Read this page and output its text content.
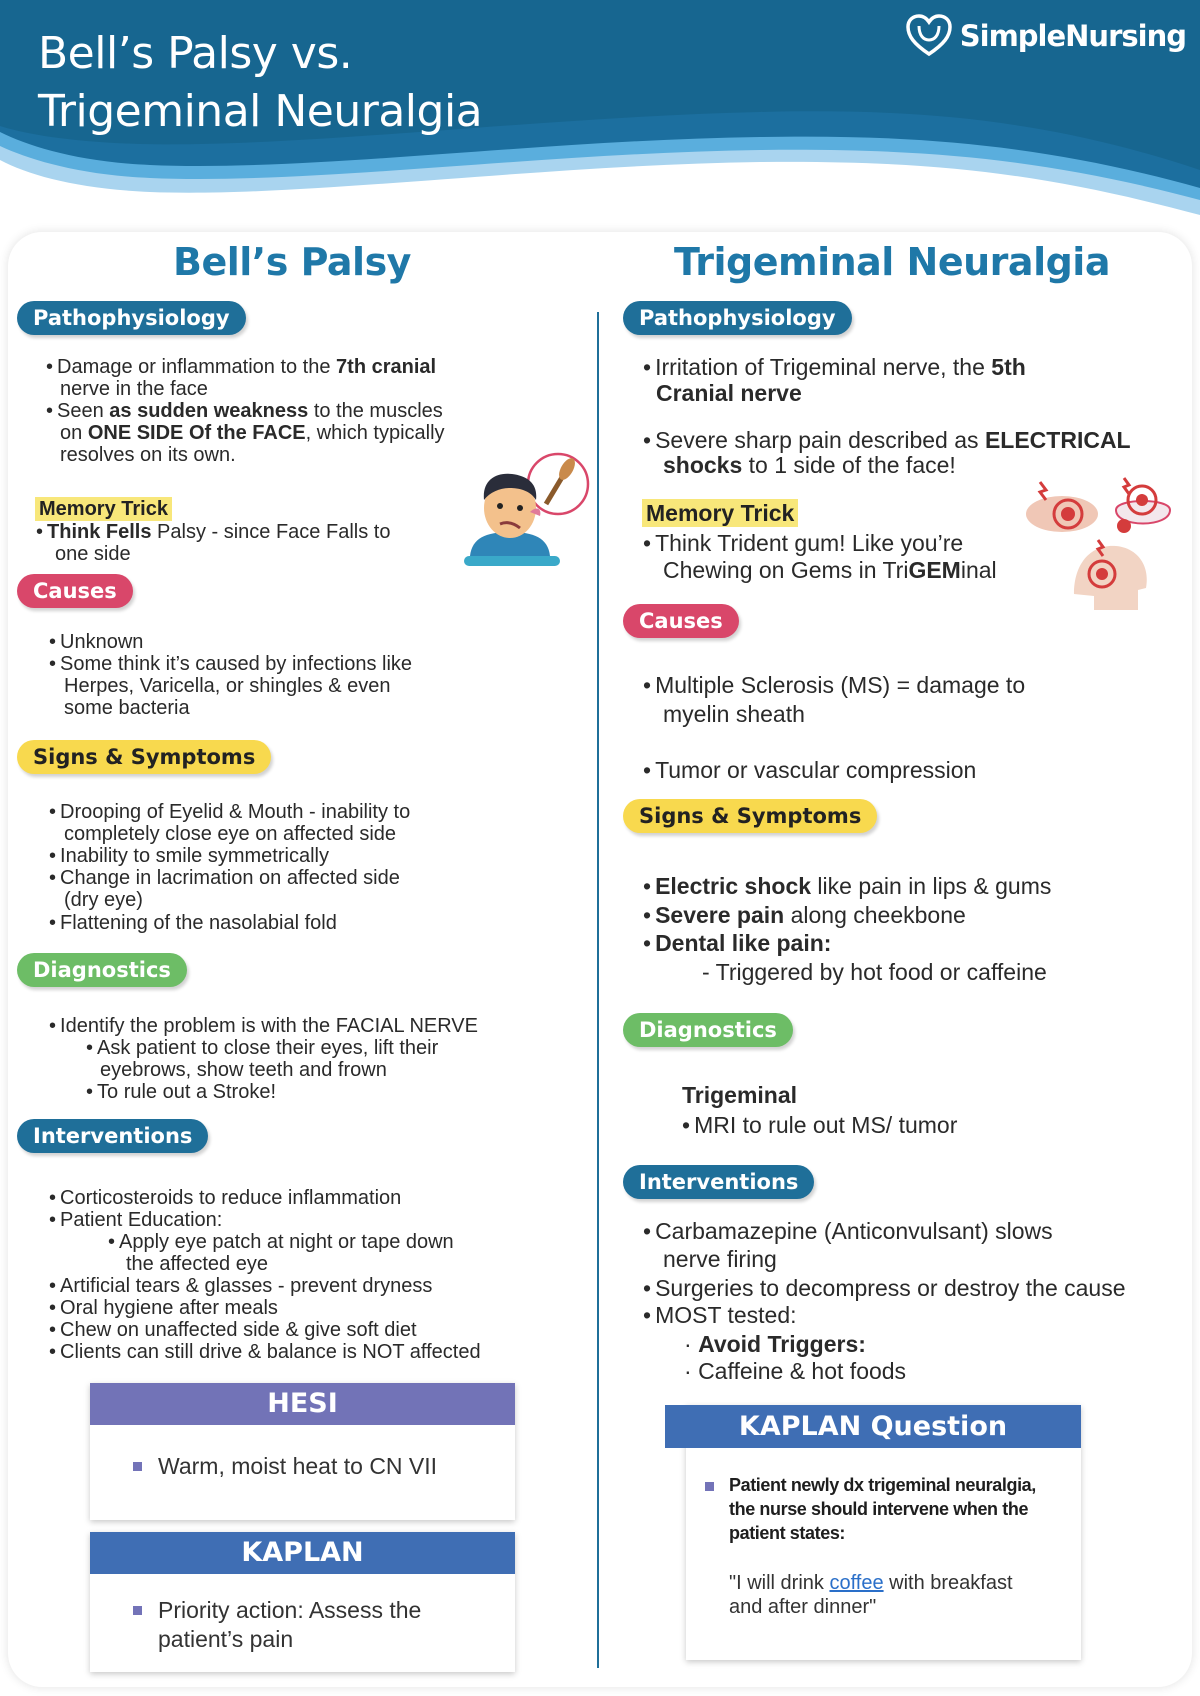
Bell’s Palsy vs.
Trigeminal Neuralgia
SimpleNursing
Bell’s Palsy
Pathophysiology
• Damage or inflammation to the 7th cranial
nerve in the face
• Seen as sudden weakness to the muscles
on ONE SIDE Of the FACE, which typically
resolves on its own.
Memory Trick
• Think Fells Palsy - since Face Falls to
one side
Causes
• Unknown
• Some think it’s caused by infections like
Herpes, Varicella, or shingles & even
some bacteria
Signs & Symptoms
• Drooping of Eyelid & Mouth - inability to
completely close eye on affected side
• Inability to smile symmetrically
• Change in lacrimation on affected side
(dry eye)
• Flattening of the nasolabial fold
Diagnostics
• Identify the problem is with the FACIAL NERVE
• Ask patient to close their eyes, lift their
eyebrows, show teeth and frown
• To rule out a Stroke!
Interventions
• Corticosteroids to reduce inflammation
• Patient Education:
• Apply eye patch at night or tape down
the affected eye
• Artificial tears & glasses - prevent dryness
• Oral hygiene after meals
• Chew on unaffected side & give soft diet
• Clients can still drive & balance is NOT affected
HESI
Warm, moist heat to CN VII
KAPLAN
Priority action: Assess the
patient’s pain
Trigeminal Neuralgia
Pathophysiology
• Irritation of Trigeminal nerve, the 5th
Cranial nerve
• Severe sharp pain described as ELECTRICAL
shocks to 1 side of the face!
Memory Trick
• Think Trident gum! Like you’re
Chewing on Gems in TriGEMinal
Causes
• Multiple Sclerosis (MS) = damage to
myelin sheath
• Tumor or vascular compression
Signs & Symptoms
• Electric shock like pain in lips & gums
• Severe pain along cheekbone
• Dental like pain:
- Triggered by hot food or caffeine
Diagnostics
Trigeminal
• MRI to rule out MS/ tumor
Interventions
• Carbamazepine (Anticonvulsant) slows
nerve firing
• Surgeries to decompress or destroy the cause
• MOST tested:
· Avoid Triggers:
· Caffeine & hot foods
KAPLAN Question
Patient newly dx trigeminal neuralgia,
the nurse should intervene when the
patient states:
"I will drink coffee with breakfast
and after dinner"
